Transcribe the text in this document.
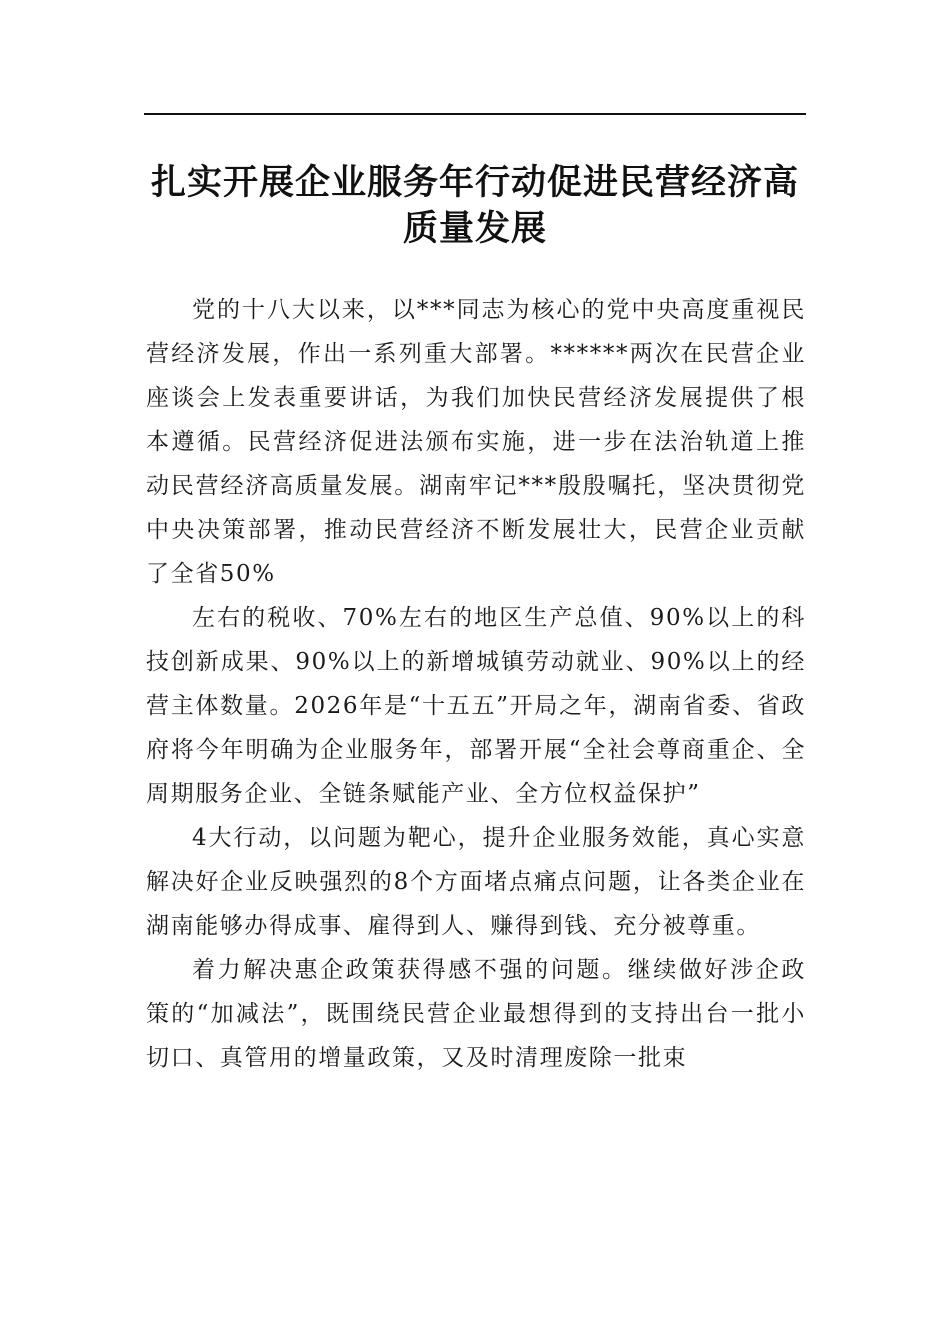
扎实开展企业服务年行动促进民营经济高质量发展

党的十八大以来，以***同志为核心的党中央高度重视民营经济发展，作出一系列重大部署。******两次在民营企业座谈会上发表重要讲话，为我们加快民营经济发展提供了根本遵循。民营经济促进法颁布实施，进一步在法治轨道上推动民营经济高质量发展。湖南牢记***殷殷嘱托，坚决贯彻党中央决策部署，推动民营经济不断发展壮大，民营企业贡献了全省50%

左右的税收、70%左右的地区生产总值、90%以上的科技创新成果、90%以上的新增城镇劳动就业、90%以上的经营主体数量。2026年是“十五五”开局之年，湖南省委、省政府将今年明确为企业服务年，部署开展“全社会尊商重企、全周期服务企业、全链条赋能产业、全方位权益保护”

4大行动，以问题为靶心，提升企业服务效能，真心实意解决好企业反映强烈的8个方面堵点痛点问题，让各类企业在湖南能够办得成事、雇得到人、赚得到钱、充分被尊重。

着力解决惠企政策获得感不强的问题。继续做好涉企政策的“加减法”，既围绕民营企业最想得到的支持出台一批小切口、真管用的增量政策，又及时清理废除一批束
